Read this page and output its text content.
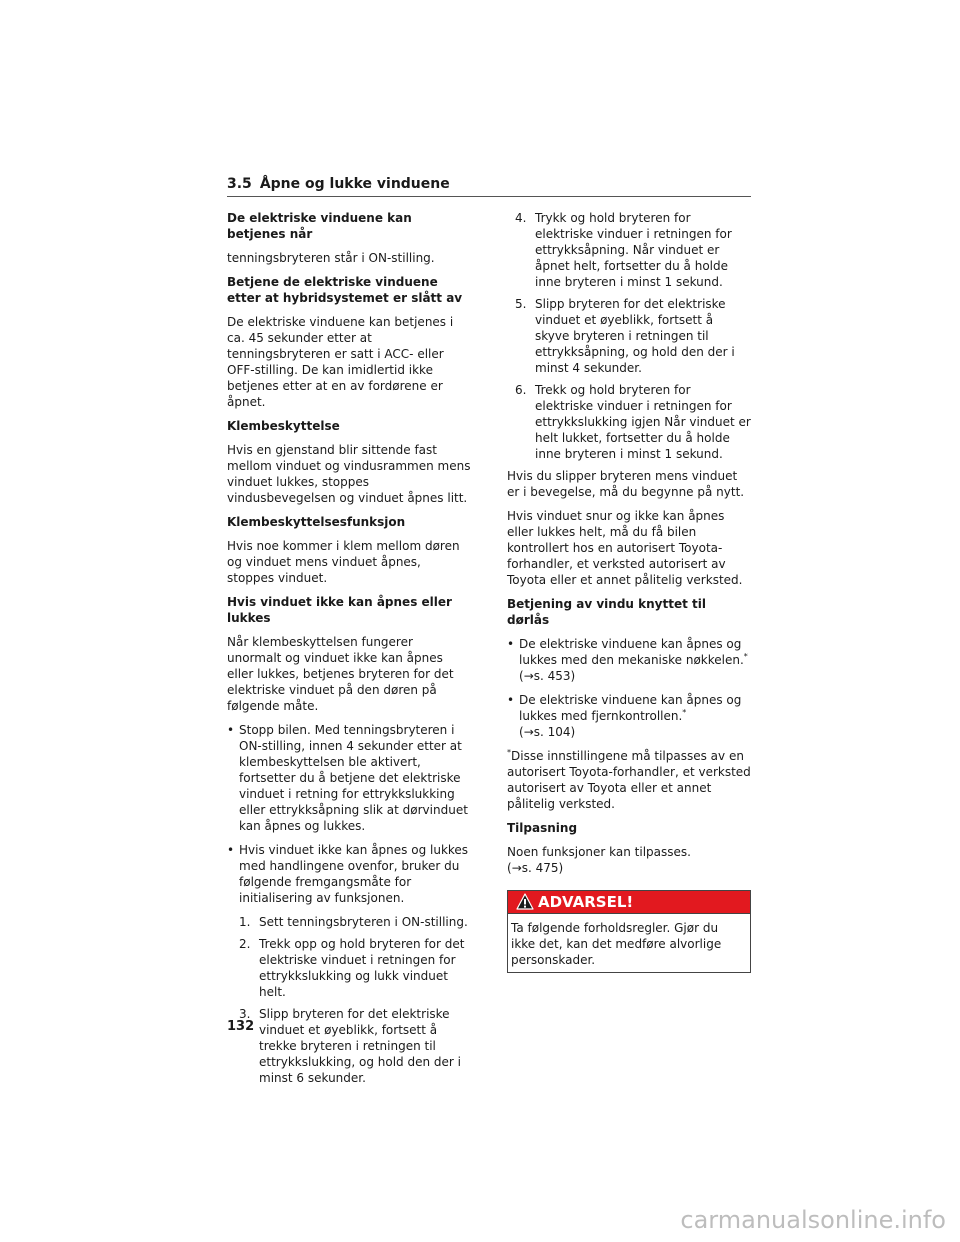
3.5 Åpne og lukke vinduene
De elektriske vinduene kan betjenes når

tenningsbryteren står i ON-stilling.

Betjene de elektriske vinduene etter at hybridsystemet er slått av

De elektriske vinduene kan betjenes i ca. 45 sekunder etter at tenningsbryteren er satt i ACC- eller OFF-stilling. De kan imidlertid ikke betjenes etter at en av fordørene er åpnet.

Klembeskyttelse

Hvis en gjenstand blir sittende fast mellom vinduet og vindusrammen mens vinduet lukkes, stoppes vindusbevegelsen og vinduet åpnes litt.

Klembeskyttelsesfunksjon

Hvis noe kommer i klem mellom døren og vinduet mens vinduet åpnes, stoppes vinduet.

Hvis vinduet ikke kan åpnes eller lukkes

Når klembeskyttelsen fungerer unormalt og vinduet ikke kan åpnes eller lukkes, betjenes bryteren for det elektriske vinduet på den døren på følgende måte.

• Stopp bilen. Med tenningsbryteren i ON-stilling, innen 4 sekunder etter at klembeskyttelsen ble aktivert, fortsetter du å betjene det elektriske vinduet i retning for ettrykkslukking eller ettrykksåpning slik at dørvinduet kan åpnes og lukkes.
• Hvis vinduet ikke kan åpnes og lukkes med handlingene ovenfor, bruker du følgende fremgangsmåte for initialisering av funksjonen.
1. Sett tenningsbryteren i ON-stilling.
2. Trekk opp og hold bryteren for det elektriske vinduet i retningen for ettrykkslukking og lukk vinduet helt.
3. Slipp bryteren for det elektriske vinduet et øyeblikk, fortsett å trekke bryteren i retningen til ettrykkslukking, og hold den der i minst 6 sekunder.
4. Trykk og hold bryteren for elektriske vinduer i retningen for ettrykksåpning. Når vinduet er åpnet helt, fortsetter du å holde inne bryteren i minst 1 sekund.
5. Slipp bryteren for det elektriske vinduet et øyeblikk, fortsett å skyve bryteren i retningen til ettrykksåpning, og hold den der i minst 4 sekunder.
6. Trekk og hold bryteren for elektriske vinduer i retningen for ettrykkslukking igjen Når vinduet er helt lukket, fortsetter du å holde inne bryteren i minst 1 sekund.

Hvis du slipper bryteren mens vinduet er i bevegelse, må du begynne på nytt.

Hvis vinduet snur og ikke kan åpnes eller lukkes helt, må du få bilen kontrollert hos en autorisert Toyota-forhandler, et verksted autorisert av Toyota eller et annet pålitelig verksted.

Betjening av vindu knyttet til dørlås
• De elektriske vinduene kan åpnes og lukkes med den mekaniske nøkkelen.*
(→s. 453)
• De elektriske vinduene kan åpnes og lukkes med fjernkontrollen.*
(→s. 104)

*Disse innstillingene må tilpasses av en autorisert Toyota-forhandler, et verksted autorisert av Toyota eller et annet pålitelig verksted.

Tilpasning

Noen funksjoner kan tilpasses.
(→s. 475)

ADVARSEL!
Ta følgende forholdsregler. Gjør du ikke det, kan det medføre alvorlige personskader.
132
carmanualsonline.info
